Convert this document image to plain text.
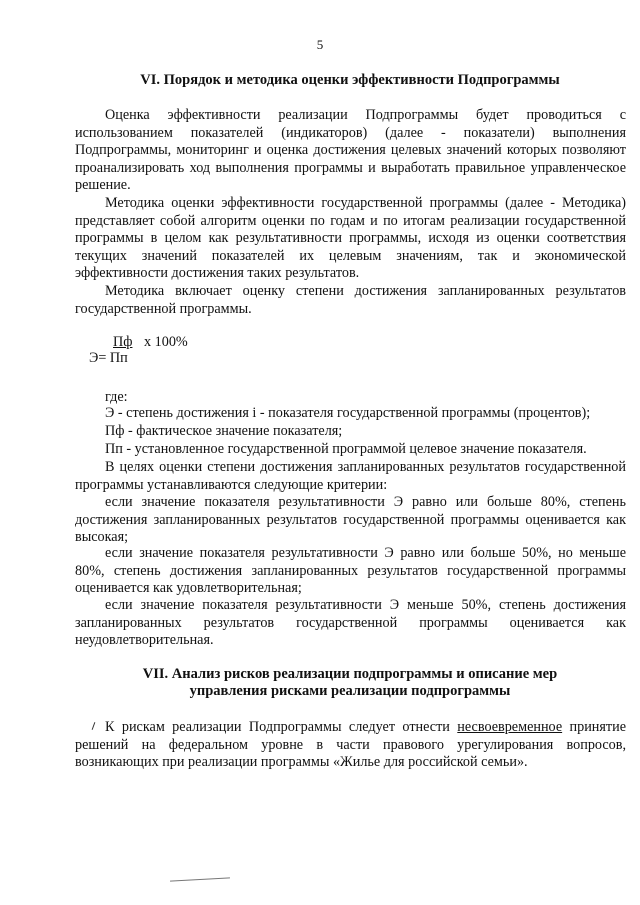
5
VI. Порядок и методика оценки эффективности Подпрограммы
Оценка эффективности реализации Подпрограммы будет проводиться с использованием показателей (индикаторов) (далее - показатели) выполнения Подпрограммы, мониторинг и оценка достижения целевых значений которых позволяют проанализировать ход выполнения программы и выработать правильное управленческое решение.
Методика оценки эффективности государственной программы (далее - Методика) представляет собой алгоритм оценки по годам и по итогам реализации государственной программы в целом как результативности программы, исходя из оценки соответствия текущих значений показателей их целевым значениям, так и экономической эффективности достижения таких результатов.
Методика включает оценку степени достижения запланированных результатов государственной программы.
Пф x 100%
Э= Пп
где:
Э - степень достижения i - показателя государственной программы (процентов);
Пф - фактическое значение показателя;
Пп - установленное государственной программой целевое значение показателя.
В целях оценки степени достижения запланированных результатов государственной программы устанавливаются следующие критерии:
если значение показателя результативности Э равно или больше 80%, степень достижения запланированных результатов государственной программы оценивается как высокая;
если значение показателя результативности Э равно или больше 50%, но меньше 80%, степень достижения запланированных результатов государственной программы оценивается как удовлетворительная;
если значение показателя результативности Э меньше 50%, степень достижения запланированных результатов государственной программы оценивается как неудовлетворительная.
VII. Анализ рисков реализации подпрограммы и описание мер
управления рисками реализации подпрограммы
К рискам реализации Подпрограммы следует отнести несвоевременное принятие решений на федеральном уровне в части правового урегулирования вопросов, возникающих при реализации программы «Жилье для российской семьи».
